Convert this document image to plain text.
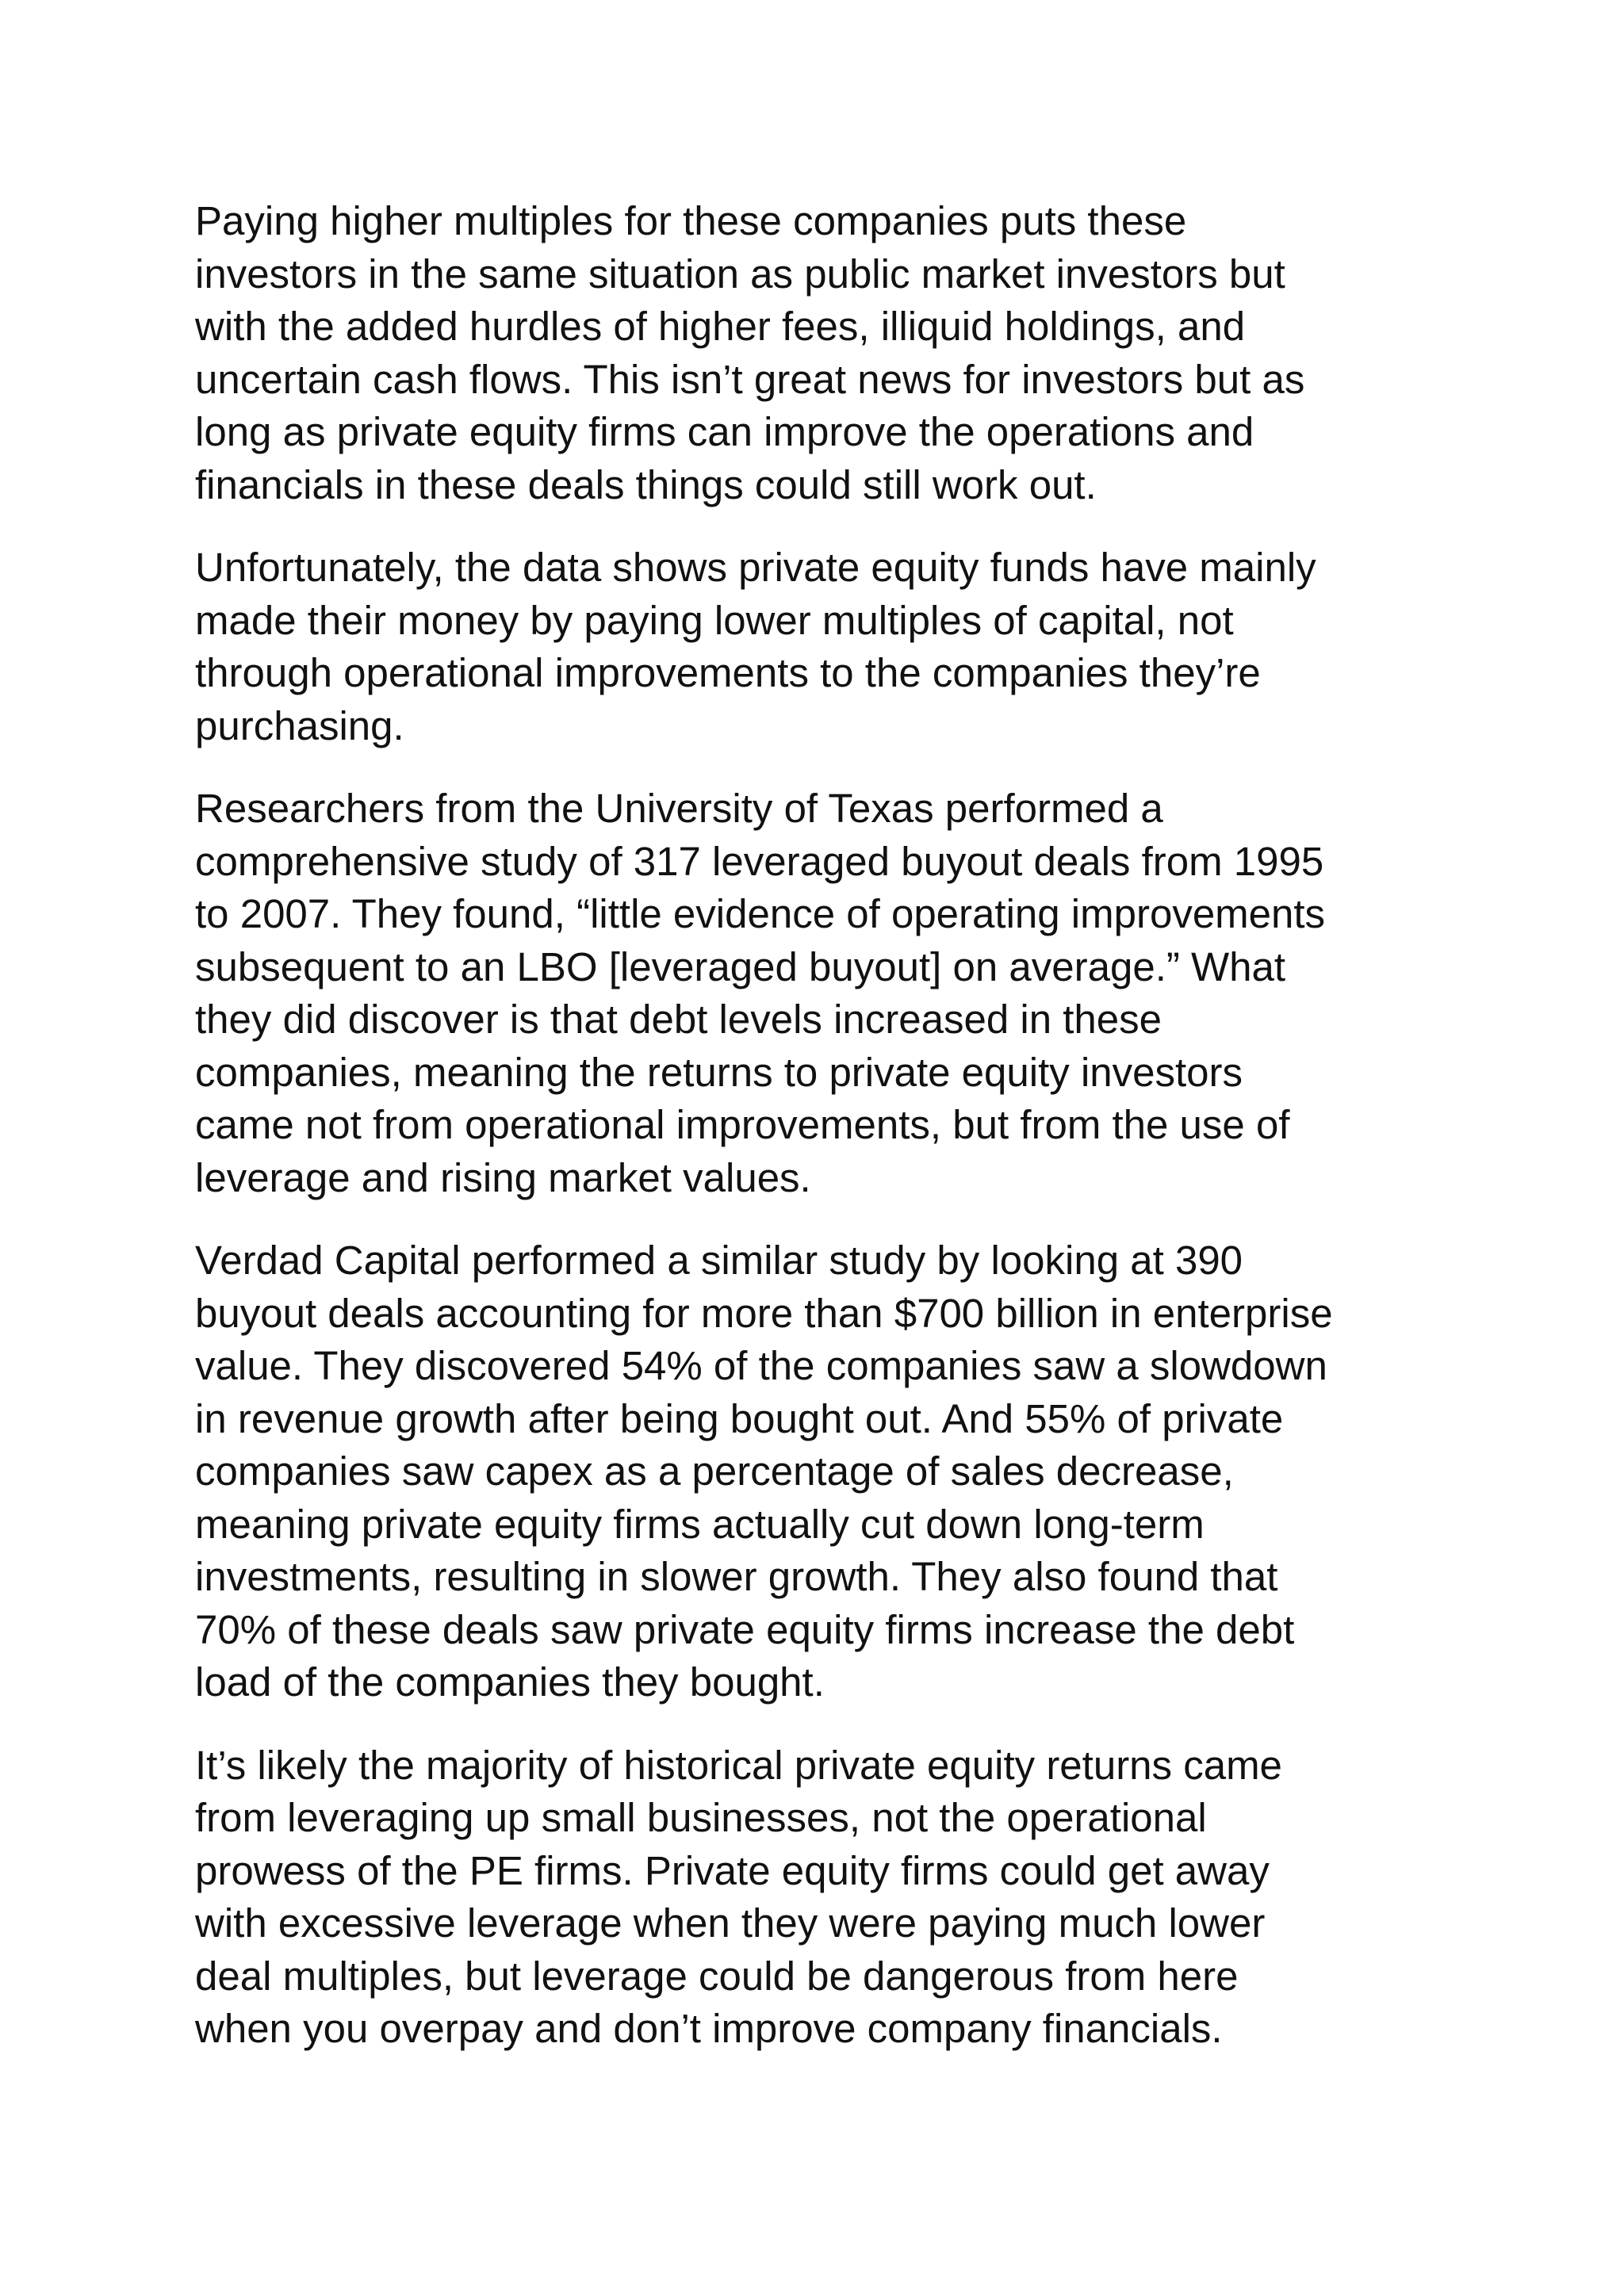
Paying higher multiples for these companies puts these
investors in the same situation as public market investors but
with the added hurdles of higher fees, illiquid holdings, and
uncertain cash flows. This isn’t great news for investors but as
long as private equity firms can improve the operations and
financials in these deals things could still work out.

Unfortunately, the data shows private equity funds have mainly
made their money by paying lower multiples of capital, not
through operational improvements to the companies they’re
purchasing.

Researchers from the University of Texas performed a
comprehensive study of 317 leveraged buyout deals from 1995
to 2007. They found, “little evidence of operating improvements
subsequent to an LBO [leveraged buyout] on average.” What
they did discover is that debt levels increased in these
companies, meaning the returns to private equity investors
came not from operational improvements, but from the use of
leverage and rising market values.

Verdad Capital performed a similar study by looking at 390
buyout deals accounting for more than $700 billion in enterprise
value. They discovered 54% of the companies saw a slowdown
in revenue growth after being bought out. And 55% of private
companies saw capex as a percentage of sales decrease,
meaning private equity firms actually cut down long-term
investments, resulting in slower growth. They also found that
70% of these deals saw private equity firms increase the debt
load of the companies they bought.

It’s likely the majority of historical private equity returns came
from leveraging up small businesses, not the operational
prowess of the PE firms. Private equity firms could get away
with excessive leverage when they were paying much lower
deal multiples, but leverage could be dangerous from here
when you overpay and don’t improve company financials.
